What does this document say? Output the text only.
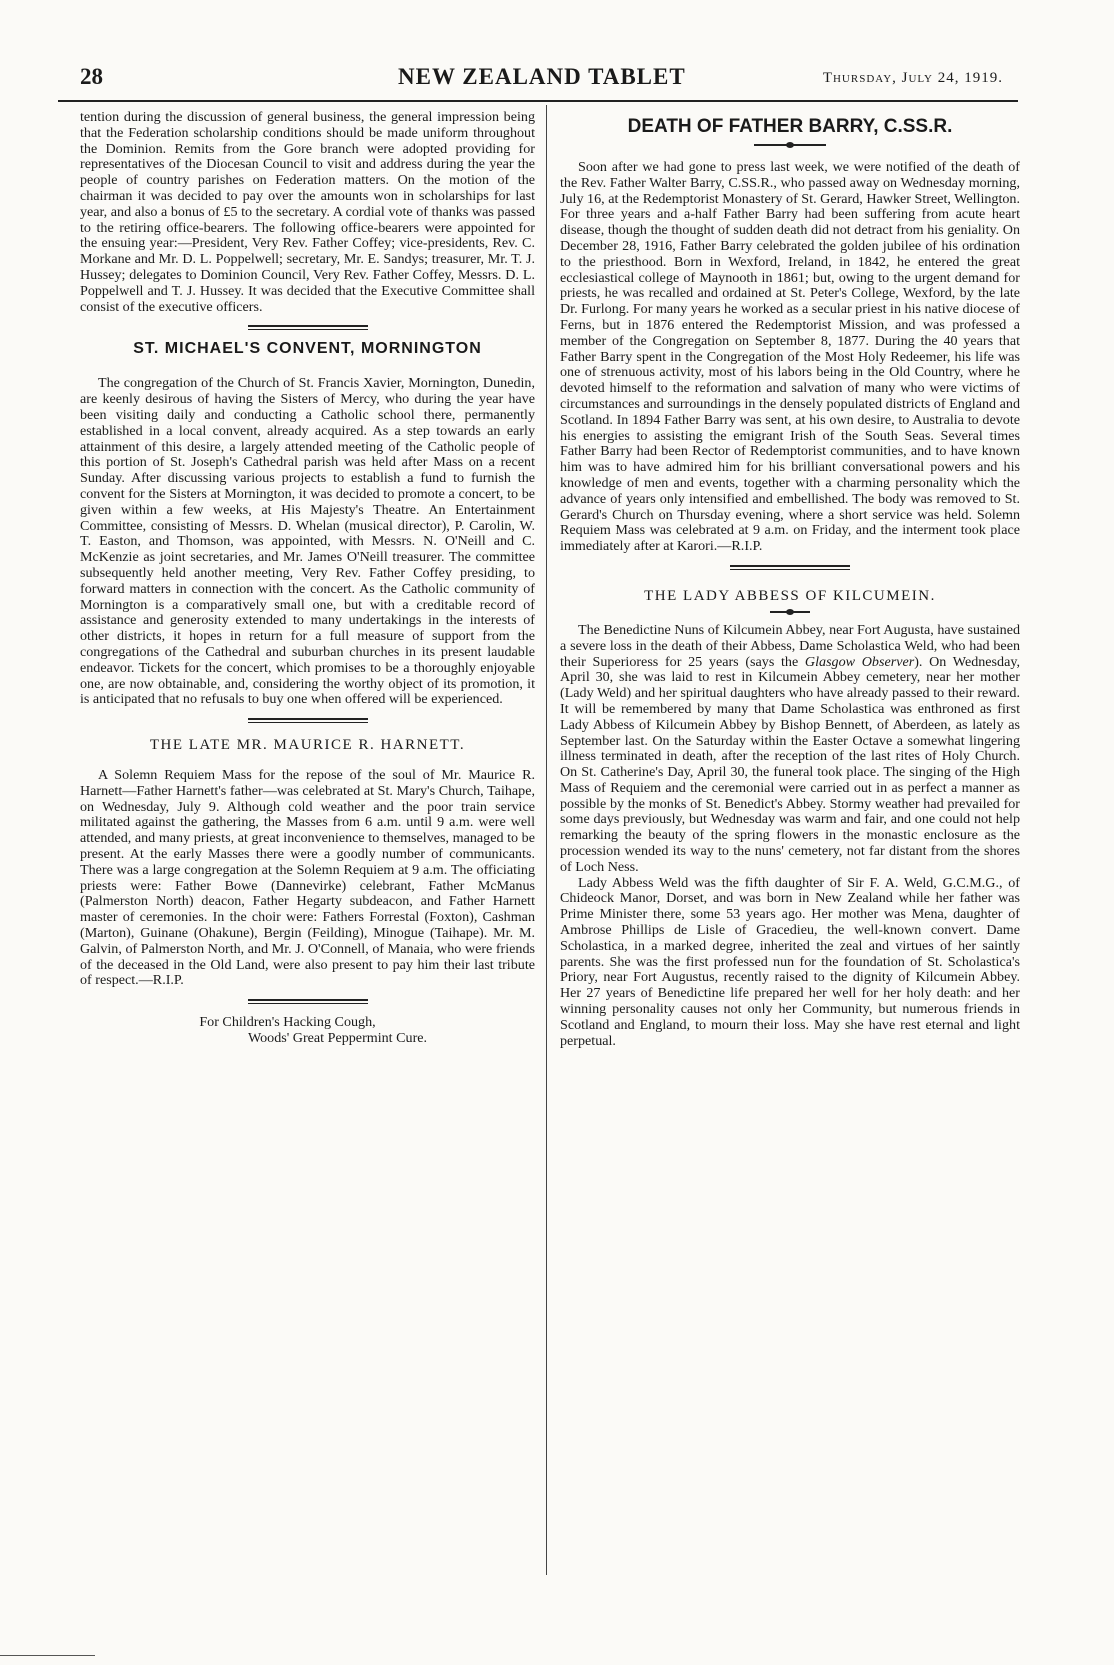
28	NEW ZEALAND TABLET	Thursday, July 24, 1919.

tention during the discussion of general business, the general impression being that the Federation scholarship conditions should be made uniform throughout the Dominion. Remits from the Gore branch were adopted providing for representatives of the Diocesan Council to visit and address during the year the people of country parishes on Federation matters. On the motion of the chairman it was decided to pay over the amounts won in scholarships for last year, and also a bonus of £5 to the secretary. A cordial vote of thanks was passed to the retiring office-bearers. The following office-bearers were appointed for the ensuing year:—President, Very Rev. Father Coffey; vice-presidents, Rev. C. Morkane and Mr. D. L. Poppelwell; secretary, Mr. E. Sandys; treasurer, Mr. T. J. Hussey; delegates to Dominion Council, Very Rev. Father Coffey, Messrs. D. L. Poppelwell and T. J. Hussey. It was decided that the Executive Committee shall consist of the executive officers.

ST. MICHAEL'S CONVENT, MORNINGTON

The congregation of the Church of St. Francis Xavier, Mornington, Dunedin, are keenly desirous of having the Sisters of Mercy, who during the year have been visiting daily and conducting a Catholic school there, permanently established in a local convent, already acquired. As a step towards an early attainment of this desire, a largely attended meeting of the Catholic people of this portion of St. Joseph's Cathedral parish was held after Mass on a recent Sunday. After discussing various projects to establish a fund to furnish the convent for the Sisters at Mornington, it was decided to promote a concert, to be given within a few weeks, at His Majesty's Theatre. An Entertainment Committee, consisting of Messrs. D. Whelan (musical director), P. Carolin, W. T. Easton, and Thomson, was appointed, with Messrs. N. O'Neill and C. McKenzie as joint secretaries, and Mr. James O'Neill treasurer. The committee subsequently held another meeting, Very Rev. Father Coffey presiding, to forward matters in connection with the concert. As the Catholic community of Mornington is a comparatively small one, but with a creditable record of assistance and generosity extended to many undertakings in the interests of other districts, it hopes in return for a full measure of support from the congregations of the Cathedral and suburban churches in its present laudable endeavor. Tickets for the concert, which promises to be a thoroughly enjoyable one, are now obtainable, and, considering the worthy object of its promotion, it is anticipated that no refusals to buy one when offered will be experienced.

THE LATE MR. MAURICE R. HARNETT.

A Solemn Requiem Mass for the repose of the soul of Mr. Maurice R. Harnett—Father Harnett's father—was celebrated at St. Mary's Church, Taihape, on Wednesday, July 9. Although cold weather and the poor train service militated against the gathering, the Masses from 6 a.m. until 9 a.m. were well attended, and many priests, at great inconvenience to themselves, managed to be present. At the early Masses there were a goodly number of communicants. There was a large congregation at the Solemn Requiem at 9 a.m. The officiating priests were: Father Bowe (Dannevirke) celebrant, Father McManus (Palmerston North) deacon, Father Hegarty subdeacon, and Father Harnett master of ceremonies. In the choir were: Fathers Forrestal (Foxton), Cashman (Marton), Guinane (Ohakune), Bergin (Feilding), Minogue (Taihape). Mr. M. Galvin, of Palmerston North, and Mr. J. O'Connell, of Manaia, who were friends of the deceased in the Old Land, were also present to pay him their last tribute of respect.—R.I.P.

For Children's Hacking Cough,
Woods' Great Peppermint Cure.
DEATH OF FATHER BARRY, C.SS.R.

Soon after we had gone to press last week, we were notified of the death of the Rev. Father Walter Barry, C.SS.R., who passed away on Wednesday morning, July 16, at the Redemptorist Monastery of St. Gerard, Hawker Street, Wellington. For three years and a-half Father Barry had been suffering from acute heart disease, though the thought of sudden death did not detract from his geniality. On December 28, 1916, Father Barry celebrated the golden jubilee of his ordination to the priesthood. Born in Wexford, Ireland, in 1842, he entered the great ecclesiastical college of Maynooth in 1861; but, owing to the urgent demand for priests, he was recalled and ordained at St. Peter's College, Wexford, by the late Dr. Furlong. For many years he worked as a secular priest in his native diocese of Ferns, but in 1876 entered the Redemptorist Mission, and was professed a member of the Congregation on September 8, 1877. During the 40 years that Father Barry spent in the Congregation of the Most Holy Redeemer, his life was one of strenuous activity, most of his labors being in the Old Country, where he devoted himself to the reformation and salvation of many who were victims of circumstances and surroundings in the densely populated districts of England and Scotland. In 1894 Father Barry was sent, at his own desire, to Australia to devote his energies to assisting the emigrant Irish of the South Seas. Several times Father Barry had been Rector of Redemptorist communities, and to have known him was to have admired him for his brilliant conversational powers and his knowledge of men and events, together with a charming personality which the advance of years only intensified and embellished. The body was removed to St. Gerard's Church on Thursday evening, where a short service was held. Solemn Requiem Mass was celebrated at 9 a.m. on Friday, and the interment took place immediately after at Karori.—R.I.P.

THE LADY ABBESS OF KILCUMEIN.

The Benedictine Nuns of Kilcumein Abbey, near Fort Augusta, have sustained a severe loss in the death of their Abbess, Dame Scholastica Weld, who had been their Superioress for 25 years (says the Glasgow Observer). On Wednesday, April 30, she was laid to rest in Kilcumein Abbey cemetery, near her mother (Lady Weld) and her spiritual daughters who have already passed to their reward. It will be remembered by many that Dame Scholastica was enthroned as first Lady Abbess of Kilcumein Abbey by Bishop Bennett, of Aberdeen, as lately as September last. On the Saturday within the Easter Octave a somewhat lingering illness terminated in death, after the reception of the last rites of Holy Church. On St. Catherine's Day, April 30, the funeral took place. The singing of the High Mass of Requiem and the ceremonial were carried out in as perfect a manner as possible by the monks of St. Benedict's Abbey. Stormy weather had prevailed for some days previously, but Wednesday was warm and fair, and one could not help remarking the beauty of the spring flowers in the monastic enclosure as the procession wended its way to the nuns' cemetery, not far distant from the shores of Loch Ness.

Lady Abbess Weld was the fifth daughter of Sir F. A. Weld, G.C.M.G., of Chideock Manor, Dorset, and was born in New Zealand while her father was Prime Minister there, some 53 years ago. Her mother was Mena, daughter of Ambrose Phillips de Lisle of Gracedieu, the well-known convert. Dame Scholastica, in a marked degree, inherited the zeal and virtues of her saintly parents. She was the first professed nun for the foundation of St. Scholastica's Priory, near Fort Augustus, recently raised to the dignity of Kilcumein Abbey. Her 27 years of Benedictine life prepared her well for her holy death: and her winning personality causes not only her Community, but numerous friends in Scotland and England, to mourn their loss. May she have rest eternal and light perpetual.
